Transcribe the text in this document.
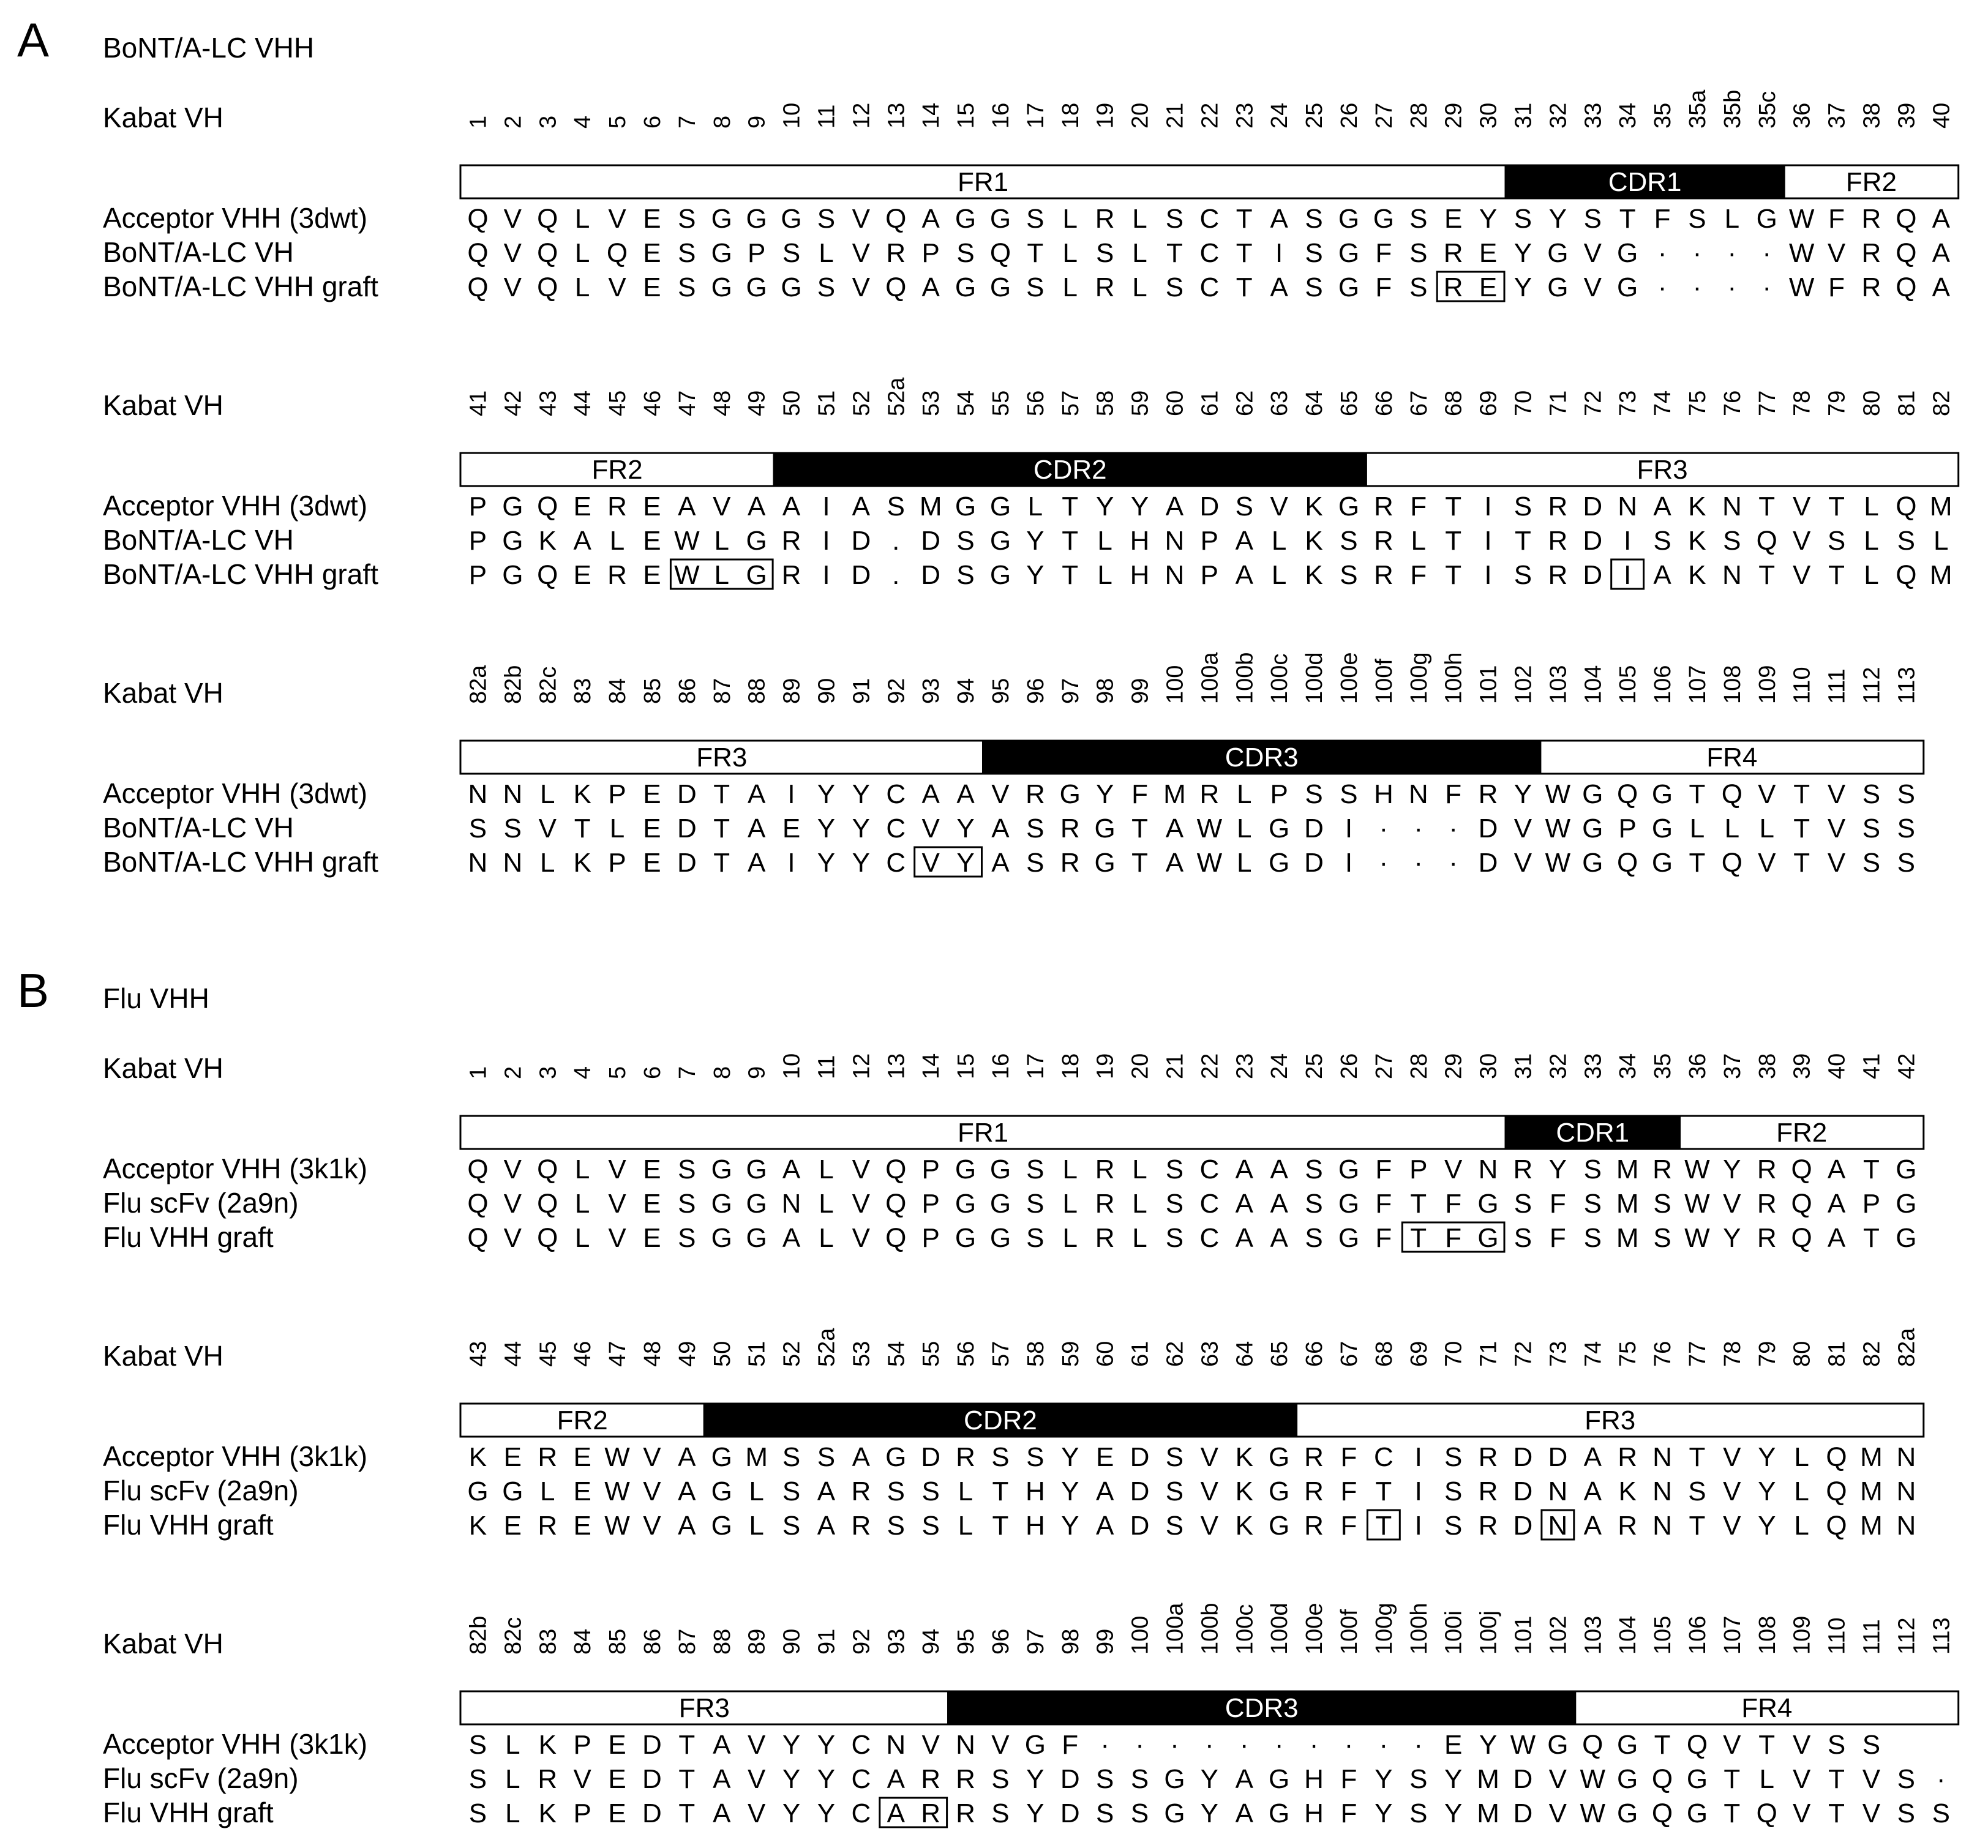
A BoNT/A-LC VHH
Kabat VH	1 2 3 4 5 6 7 8 9 10 11 12 13 14 15 16 17 18 19 20 21 22 23 24 25 26 27 28 29 30 31 32 33 34 35 35a 35b 35c 36 37 38 39 40
FR1	CDR1	FR2
Acceptor VHH (3dwt)	Q V Q L V E S G G G S V Q A G G S L R L S C T A S G G S E Y S Y S T F S L G W F R Q A
BoNT/A-LC VH	Q V Q L Q E S G P S L V R P S Q T L S L T C T I S G F S R E Y G V G · · · · W V R Q A
BoNT/A-LC VHH graft	Q V Q L V E S G G G S V Q A G G S L R L S C T A S G F S R E Y G V G · · · · W F R Q A
Kabat VH	41 42 43 44 45 46 47 48 49 50 51 52 52a 53 54 55 56 57 58 59 60 61 62 63 64 65 66 67 68 69 70 71 72 73 74 75 76 77 78 79 80 81 82
FR2	CDR2	FR3
Acceptor VHH (3dwt)	P G Q E R E A V A A I A S M G G L T Y Y A D S V K G R F T I S R D N A K N T V T L Q M
BoNT/A-LC VH	P G K A L E W L G R I D . D S G Y T L H N P A L K S R L T I T R D I S K S Q V S L S L
BoNT/A-LC VHH graft	P G Q E R E W L G R I D . D S G Y T L H N P A L K S R F T I S R D I A K N T V T L Q M
Kabat VH	82a 82b 82c 83 84 85 86 87 88 89 90 91 92 93 94 95 96 97 98 99 100 100a 100b 100c 100d 100e 100f 100g 100h 101 102 103 104 105 106 107 108 109 110 111 112 113
FR3	CDR3	FR4
Acceptor VHH (3dwt)	N N L K P E D T A I Y Y C A A V R G Y F M R L P S S H N F R Y W G Q G T Q V T V S S
BoNT/A-LC VH	S S V T L E D T A E Y Y C V Y A S R G T A W L G D I · · · D V W G P G L L L T V S S
BoNT/A-LC VHH graft	N N L K P E D T A I Y Y C V Y A S R G T A W L G D I · · · D V W G Q G T Q V T V S S
B Flu VHH
Kabat VH	1 2 3 4 5 6 7 8 9 10 11 12 13 14 15 16 17 18 19 20 21 22 23 24 25 26 27 28 29 30 31 32 33 34 35 36 37 38 39 40 41 42
FR1	CDR1	FR2
Acceptor VHH (3k1k)	Q V Q L V E S G G A L V Q P G G S L R L S C A A S G F P V N R Y S M R W Y R Q A T G
Flu scFv (2a9n)	Q V Q L V E S G G N L V Q P G G S L R L S C A A S G F T F G S F S M S W V R Q A P G
Flu VHH graft	Q V Q L V E S G G A L V Q P G G S L R L S C A A S G F T F G S F S M S W Y R Q A T G
Kabat VH	43 44 45 46 47 48 49 50 51 52 52a 53 54 55 56 57 58 59 60 61 62 63 64 65 66 67 68 69 70 71 72 73 74 75 76 77 78 79 80 81 82 82a
FR2	CDR2	FR3
Acceptor VHH (3k1k)	K E R E W V A G M S S A G D R S S Y E D S V K G R F C I S R D D A R N T V Y L Q M N
Flu scFv (2a9n)	G G L E W V A G L S A R S S L T H Y A D S V K G R F T I S R D N A K N S V Y L Q M N
Flu VHH graft	K E R E W V A G L S A R S S L T H Y A D S V K G R F T I S R D N A R N T V Y L Q M N
Kabat VH	82b 82c 83 84 85 86 87 88 89 90 91 92 93 94 95 96 97 98 99 100 100a 100b 100c 100d 100e 100f 100g 100h 100i 100j 101 102 103 104 105 106 107 108 109 110 111 112 113
FR3	CDR3	FR4
Acceptor VHH (3k1k)	S L K P E D T A V Y Y C N V N V G F · · · · · · · · · · E Y W G Q G T Q V T V S S
Flu scFv (2a9n)	S L R V E D T A V Y Y C A R R S Y D S S G Y A G H F Y S Y M D V W G Q G T L V T V S ·
Flu VHH graft	S L K P E D T A V Y Y C A R R S Y D S S G Y A G H F Y S Y M D V W G Q G T Q V T V S S
